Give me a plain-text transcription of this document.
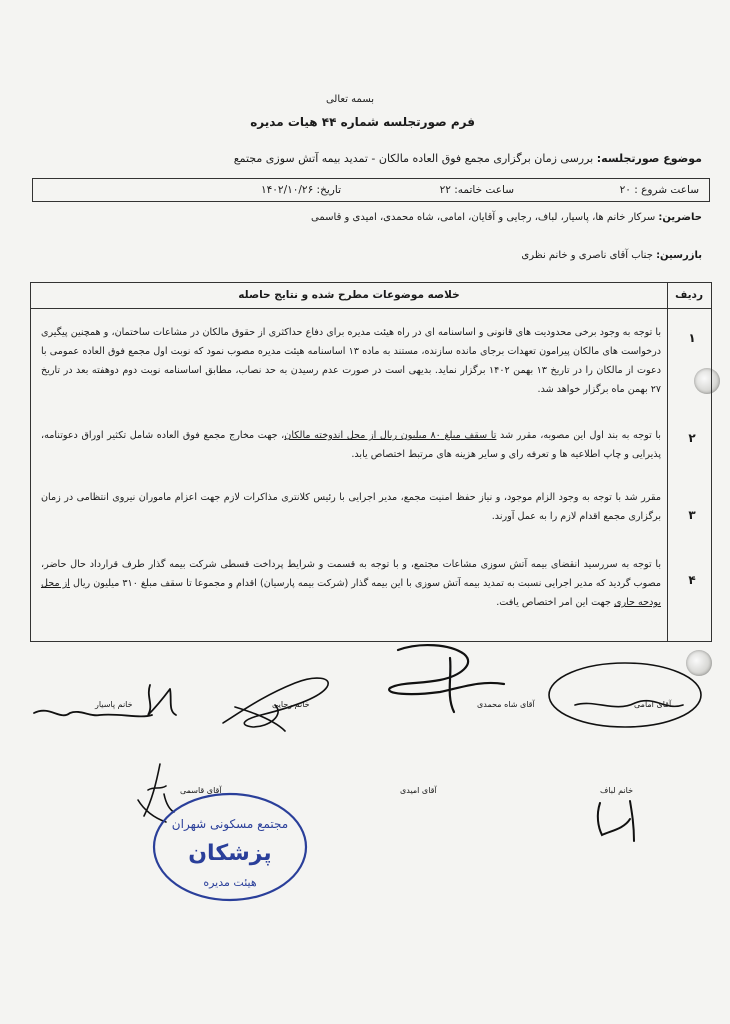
بسمه تعالی
فرم صورتجلسه شماره ۴۴ هیات مدیره
موضوع صورتجلسه: بررسی زمان برگزاری مجمع فوق العاده مالکان - تمدید بیمه آتش سوزی مجتمع
ساعت شروع : ۲۰
ساعت خاتمه: ۲۲
تاریخ: ۱۴۰۲/۱۰/۲۶
حاضرین: سرکار خانم ها، پاسیار، لباف، رجایی و آقایان، امامی، شاه محمدی، امیدی و قاسمی
بازرسین: جناب آقای ناصری و خانم نظری
ردیف
خلاصه موضوعات مطرح شده و نتایج حاصله
۱
با توجه به وجود برخی محدودیت های قانونی و اساسنامه ای در راه هیئت مدیره برای دفاع حداکثری از حقوق مالکان در مشاعات ساختمان، و همچنین پیگیری درخواست های مالکان پیرامون تعهدات برجای مانده سازنده، مستند به ماده ۱۳ اساسنامه هیئت مدیره مصوب نمود که نوبت اول مجمع فوق العاده عمومی با دعوت از مالکان را در تاریخ ۱۳ بهمن ۱۴۰۲ برگزار نماید. بدیهی است در صورت عدم رسیدن به حد نصاب، مطابق اساسنامه نوبت دوم دوهفته بعد در تاریخ ۲۷ بهمن ماه برگزار خواهد شد.
۲
با توجه به بند اول این مصوبه، مقرر شد تا سقف مبلغ ۸۰ میلیون ریال از محل اندوخته مالکان، جهت مخارج مجمع فوق العاده شامل تکثیر اوراق دعوتنامه، پذیرایی و چاپ اطلاعیه ها و تعرفه رای و سایر هزینه های مرتبط اختصاص یابد.
۳
مقرر شد با توجه به وجود الزام موجود، و نیاز حفظ امنیت مجمع، مدیر اجرایی با رئیس کلانتری مذاکرات لازم جهت اعزام ماموران نیروی انتظامی در زمان برگزاری مجمع اقدام لازم را به عمل آورند.
۴
با توجه به سررسید انقضای بیمه آتش سوزی مشاعات مجتمع، و با توجه به قسمت و شرایط پرداخت قسطی شرکت بیمه گذار طرف قرارداد حال حاضر، مصوب گردید که مدیر اجرایی نسبت به تمدید بیمه آتش سوزی با این بیمه گذار (شرکت بیمه پارسیان) اقدام و مجموعا تا سقف مبلغ ۳۱۰ میلیون ریال از محل بودجه جاری جهت این امر اختصاص یافت.
خانم پاسیار	خانم رجایی	آقای شاه محمدی	آقای امامی
آقای قاسمی	آقای امیدی	خانم لباف
مجتمع مسکونی شهران
پزشکان
هیئت مدیره
